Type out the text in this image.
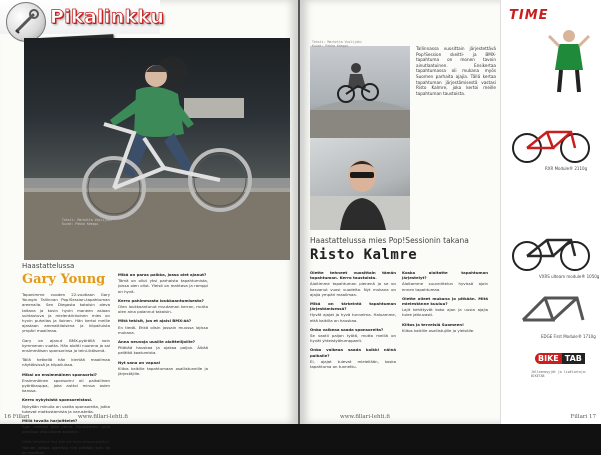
Pikalinkku
Teksti: Marketta Vuolijoki
Kuvat: Pekka Kemppi
Haastattelussa
Gary Young

Tapanimme vuoden 22-vuotiaan Gary Youngin Tallinnan Pop!Session-tapahtuman areenalla. Sen Diegosta kotoisin oleva taitava ja kovin hyvin moneen asiaan suhtautuva ja mielenkiintoinen mies on hyvin puhelias ja iloinen. Hän kertoi meille ajastaan ammattilaisena ja kilpailuista ympäri maailmaa.

Gary on ajanut BMX-pyörällä noin kymmenen vuotta. Hän aloitti nuorena ja sai ensimmäisen sponsorinsa jo teini-ikäisenä.

Tällä hetkellä hän kiertää maailmaa näytöksissä ja kilpailuissa.

Miksi on ensimmäinen sponsorisi?

Ensimmäinen sponsorini oli paikallinen pyöräkauppa, joka auttoi minua osien kanssa.

Kerro nykyisistä sponsoreistasi.

Nykyään minulla on useita sponsoreita, jotka tukevat matkustamista ja varusteita.

Millä tavalla harjoittelet?

Ajan melkein joka päivä. Harjoittelen sekä parkissa että ulkona kaduilla.

Mitä tehtävä tai toivot tulevaisuudelta?

Haluan jatkaa ajamista niin pitkään kuin se on hauskaa.

Mikä on paras paikka, jossa olet ajanut?

Tämä on ollut yksi parhaista tapahtumista, joissa olen ollut. Yleisö on mahtava ja ramppi on hyvä.

Kerro pahimmasta loukkaantumisesta?

Olen loukkaantunut muutaman kerran, mutta olen aina palannut takaisin.

Mitä tekisit, jos et ajaisi BMX:ää?

En tiedä. Ehkä olisin jossain muussa lajissa mukana.

Anna neuvoja uusille aloittelijoille?

Pitäkää hauskaa ja ajakaa paljon. Älkää pelätkö kaatumista.

Nyt sana on vapaa!

Kiitos kaikille tapahtumaan osallistuneille ja järjestäjille.

16 Fillari	www.fillari-lehti.fi
Teksti: Marketta Vuolijoki
Kuvat: Pekka Kemppi	Tallinnassa vuosittain järjestettävä Pop!Session skeitti- ja BMX-tapahtuma on monen tavoin ainutlaatuinen. Ensikertaa tapahtumassa oli mukana myös Suomen parhaita ajajia. Tällä kertaa tapahtuman järjestämisestä vastasi Risto Kalmre, joka kertoi meille tapahtuman taustoista.

Haastattelussa mies Pop!Sessionin takana
Risto Kalmre

Olette tehneet vuosittain tämän tapahtuman. Kerro taustoista.

Aloitimme tapahtuman pienenä ja se on kasvanut vuosi vuodelta. Nyt mukana on ajajia ympäri maailmaa.

Mikä on tärkeintä tapahtuman järjestämisessä?

Hyvät ajajat ja hyvä tunnelma. Haluamme, että kaikilla on hauskaa.

Onko vaikeaa saada sponsoreita?

Se vaatii paljon työtä, mutta meillä on hyvät yhteistyökumppanit.

Onko vaikeaa saada kaikki näinä paikalle?

Ei, ajajat tulevat mielellään, koska tapahtuma on tunnettu.

Koska aloitatte tapahtuman järjestelyt?

Aloitamme suunnittelun hyvissä ajoin ennen tapahtumaa.

Olette olleet mukana jo pitkään. Mitä mielestänne kuuluu?

Lajit kehittyvät koko ajan ja uusia ajajia tulee jatkuvasti.

Kiitos ja terveisiä Suomeen!

Kiitos kaikille osallistujille ja yleisölle.

TIME
RXR Module® 2110g
VXRS ulteam module® 1050g
EDGE First Module® 1710g
BIKE TAB
Jälleenmyyjät ja lisätietoja:
BIKETAB
www.fillari-lehti.fi	Fillari 17
